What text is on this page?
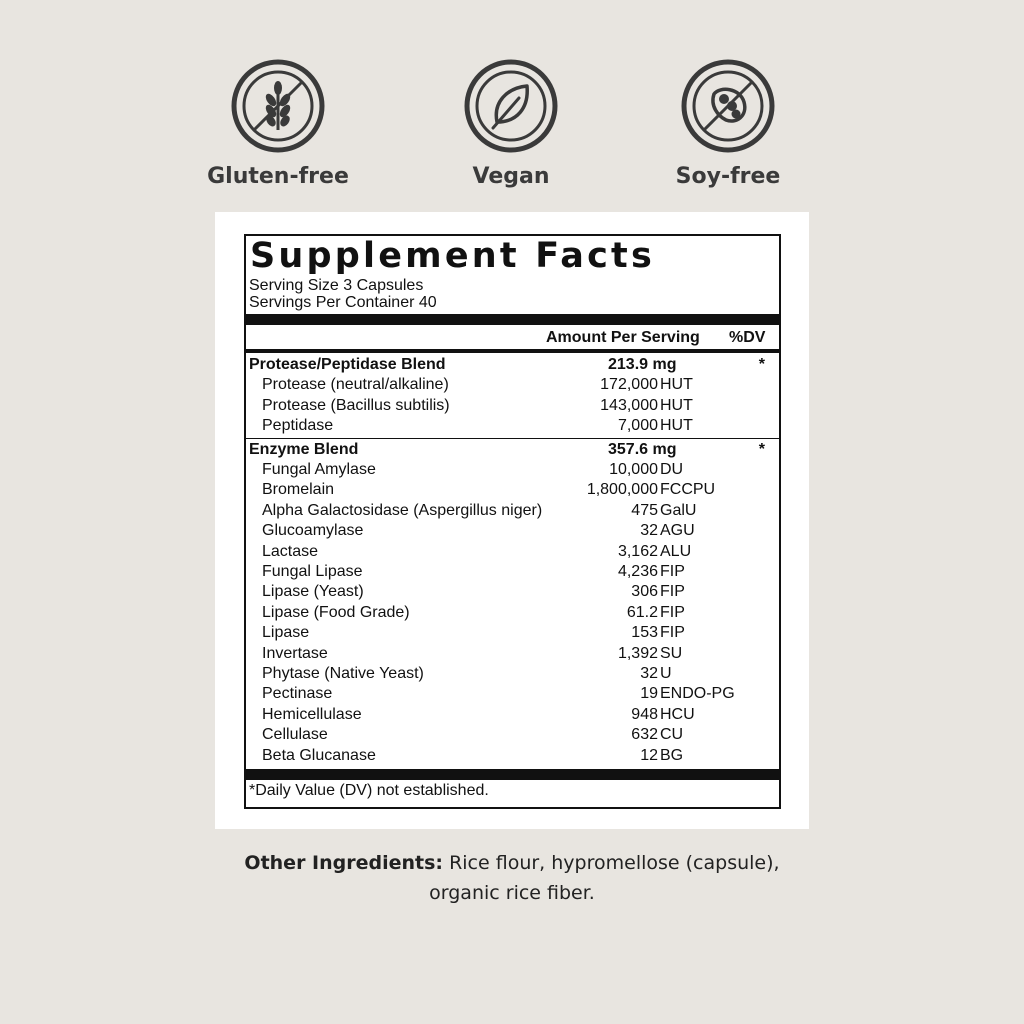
Gluten-free	Vegan	Soy-free
Supplement Facts
Serving Size 3 Capsules
Servings Per Container 40
Amount Per Serving %DV
Protease/Peptidase Blend	213.9 mg	*
Protease (neutral/alkaline)	172,000 HUT
Protease (Bacillus subtilis)	143,000 HUT
Peptidase	7,000 HUT
Enzyme Blend	357.6 mg	*
Fungal Amylase	10,000 DU
Bromelain	1,800,000 FCCPU
Alpha Galactosidase (Aspergillus niger)	475 GalU
Glucoamylase	32 AGU
Lactase	3,162 ALU
Fungal Lipase	4,236 FIP
Lipase (Yeast)	306 FIP
Lipase (Food Grade)	61.2 FIP
Lipase	153 FIP
Invertase	1,392 SU
Phytase (Native Yeast)	32 U
Pectinase	19 ENDO-PG
Hemicellulase	948 HCU
Cellulase	632 CU
Beta Glucanase	12 BG
*Daily Value (DV) not established.
Other Ingredients: Rice flour, hypromellose (capsule),
organic rice fiber.
